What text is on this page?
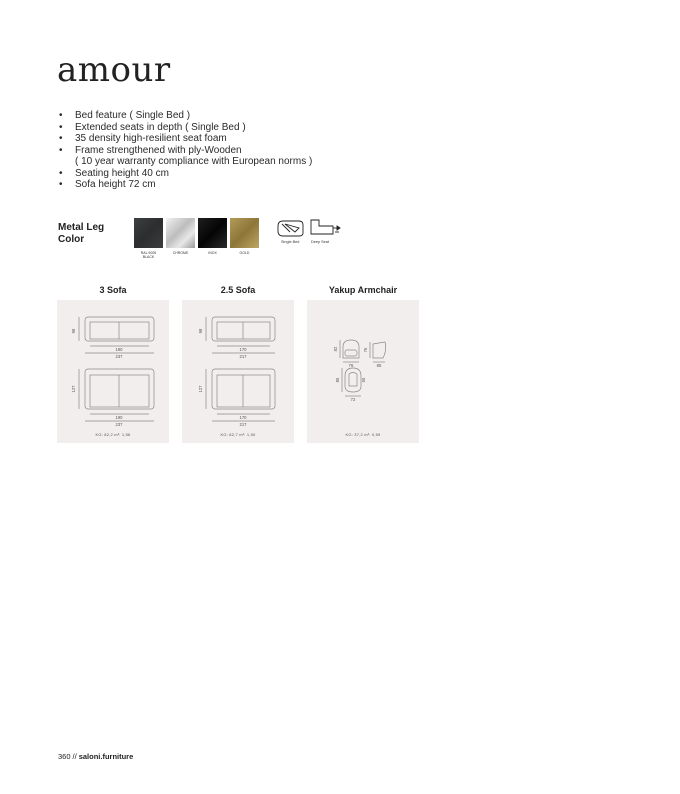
amour
• Bed feature ( Single Bed )
• Extended seats in depth ( Single Bed )
• 35 density high-resilient seat foam
• Frame strengthened with ply-Wooden
( 10 year warranty compliance with European norms )
• Seating height 40 cm
• Sofa height 72 cm
Metal Leg
Color
RAL 9005
BLACK
CHROME	INOX	GOLD
Single Bed	Deep Seat
3 Sofa
98
190
237
127
190
237
KG: 82,2 m³: 1,56
2.5 Sofa
98
170
217
127
170
217
KG: 82,7 m³: 1,50
Yakup Armchair
82
76
76
85
85	56
72
KG: 37,2 m³: 0,59
360 // saloni.furniture
